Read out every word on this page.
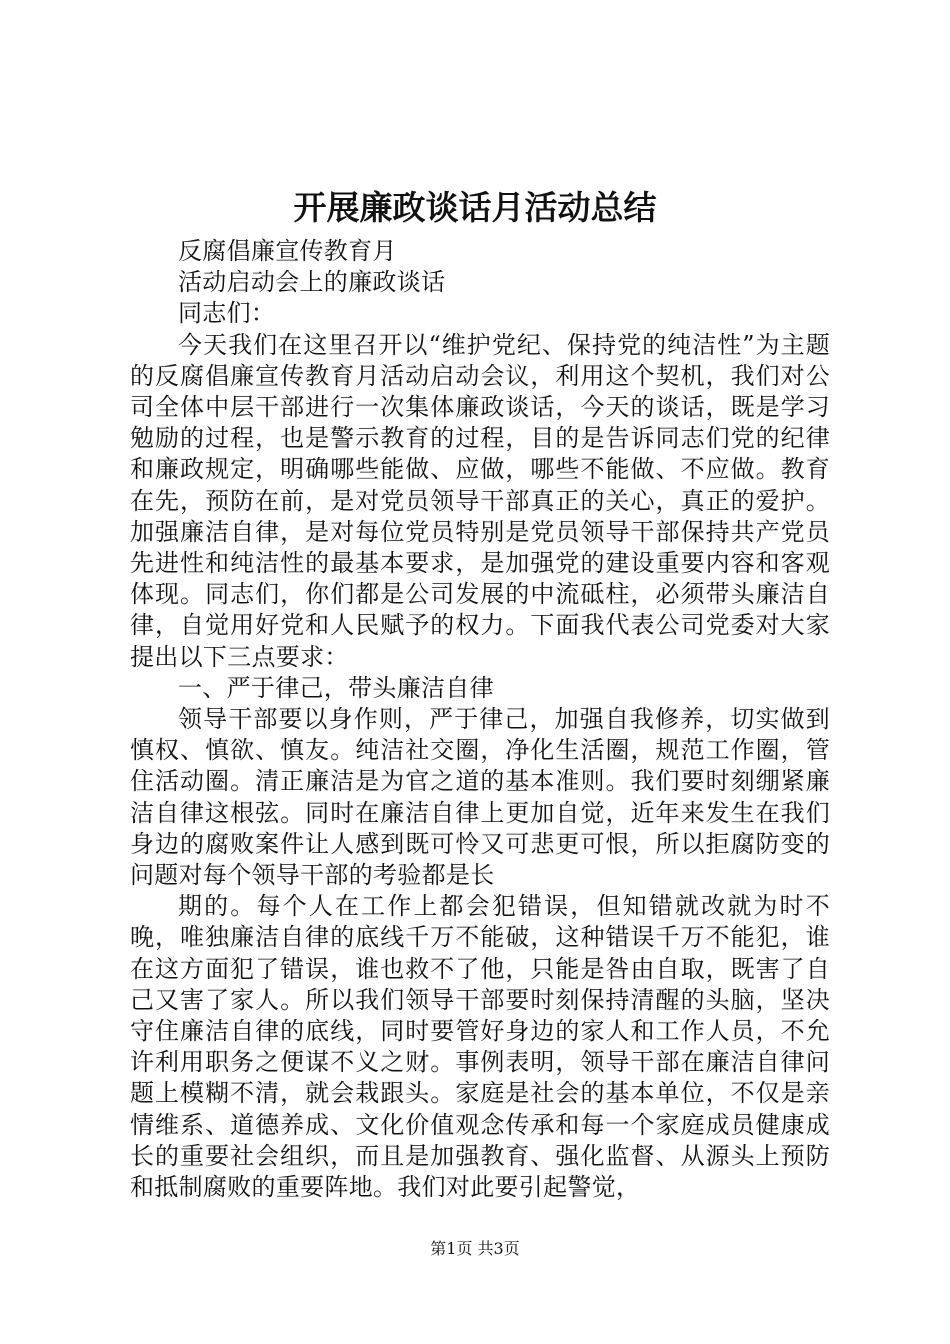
开展廉政谈话月活动总结

反腐倡廉宣传教育月

活动启动会上的廉政谈话

同志们：

今天我们在这里召开以“维护党纪、保持党的纯洁性”为主题的反腐倡廉宣传教育月活动启动会议，利用这个契机，我们对公司全体中层干部进行一次集体廉政谈话，今天的谈话，既是学习勉励的过程，也是警示教育的过程，目的是告诉同志们党的纪律和廉政规定，明确哪些能做、应做，哪些不能做、不应做。教育在先，预防在前，是对党员领导干部真正的关心，真正的爱护。加强廉洁自律，是对每位党员特别是党员领导干部保持共产党员先进性和纯洁性的最基本要求，是加强党的建设重要内容和客观体现。同志们，你们都是公司发展的中流砥柱，必须带头廉洁自律，自觉用好党和人民赋予的权力。下面我代表公司党委对大家提出以下三点要求：

一、严于律己，带头廉洁自律

领导干部要以身作则，严于律己，加强自我修养，切实做到慎权、慎欲、慎友。纯洁社交圈，净化生活圈，规范工作圈，管住活动圈。清正廉洁是为官之道的基本准则。我们要时刻绷紧廉洁自律这根弦。同时在廉洁自律上更加自觉，近年来发生在我们身边的腐败案件让人感到既可怜又可悲更可恨，所以拒腐防变的问题对每个领导干部的考验都是长

期的。每个人在工作上都会犯错误，但知错就改就为时不晚，唯独廉洁自律的底线千万不能破，这种错误千万不能犯，谁在这方面犯了错误，谁也救不了他，只能是咎由自取，既害了自己又害了家人。所以我们领导干部要时刻保持清醒的头脑，坚决守住廉洁自律的底线，同时要管好身边的家人和工作人员，不允许利用职务之便谋不义之财。事例表明，领导干部在廉洁自律问题上模糊不清，就会栽跟头。家庭是社会的基本单位，不仅是亲情维系、道德养成、文化价值观念传承和每一个家庭成员健康成长的重要社会组织，而且是加强教育、强化监督、从源头上预防和抵制腐败的重要阵地。我们对此要引起警觉，

第1页 共3页
